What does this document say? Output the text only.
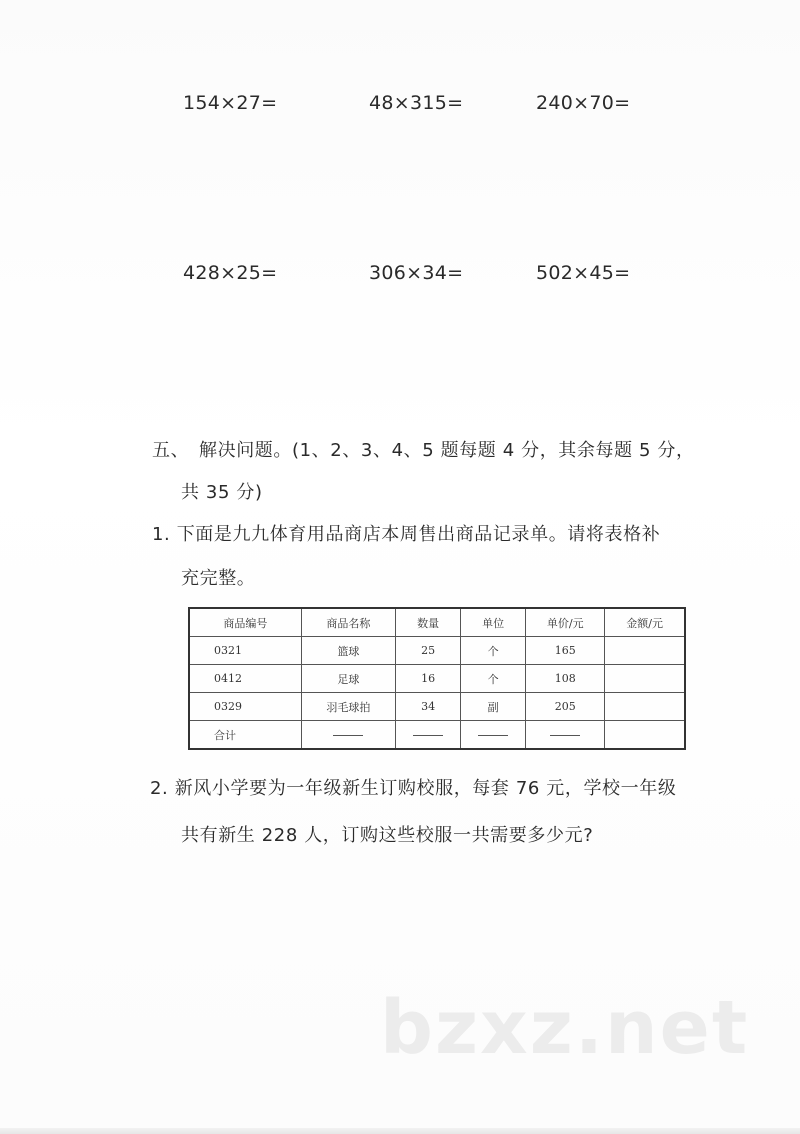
154×27=	48×315=	240×70=
428×25=	306×34=	502×45=
五、 解决问题。(1、2、3、4、5 题每题 4 分，其余每题 5 分，
共 35 分)
1. 下面是九九体育用品商店本周售出商品记录单。请将表格补
充完整。
商品编号	商品名称	数量	单位	单价/元	金额/元
0321	篮球	25	个	165	
0412	足球	16	个	108	
0329	羽毛球拍	34	副	205	
合计					
2. 新风小学要为一年级新生订购校服，每套 76 元，学校一年级
共有新生 228 人，订购这些校服一共需要多少元?
bzxz.net
